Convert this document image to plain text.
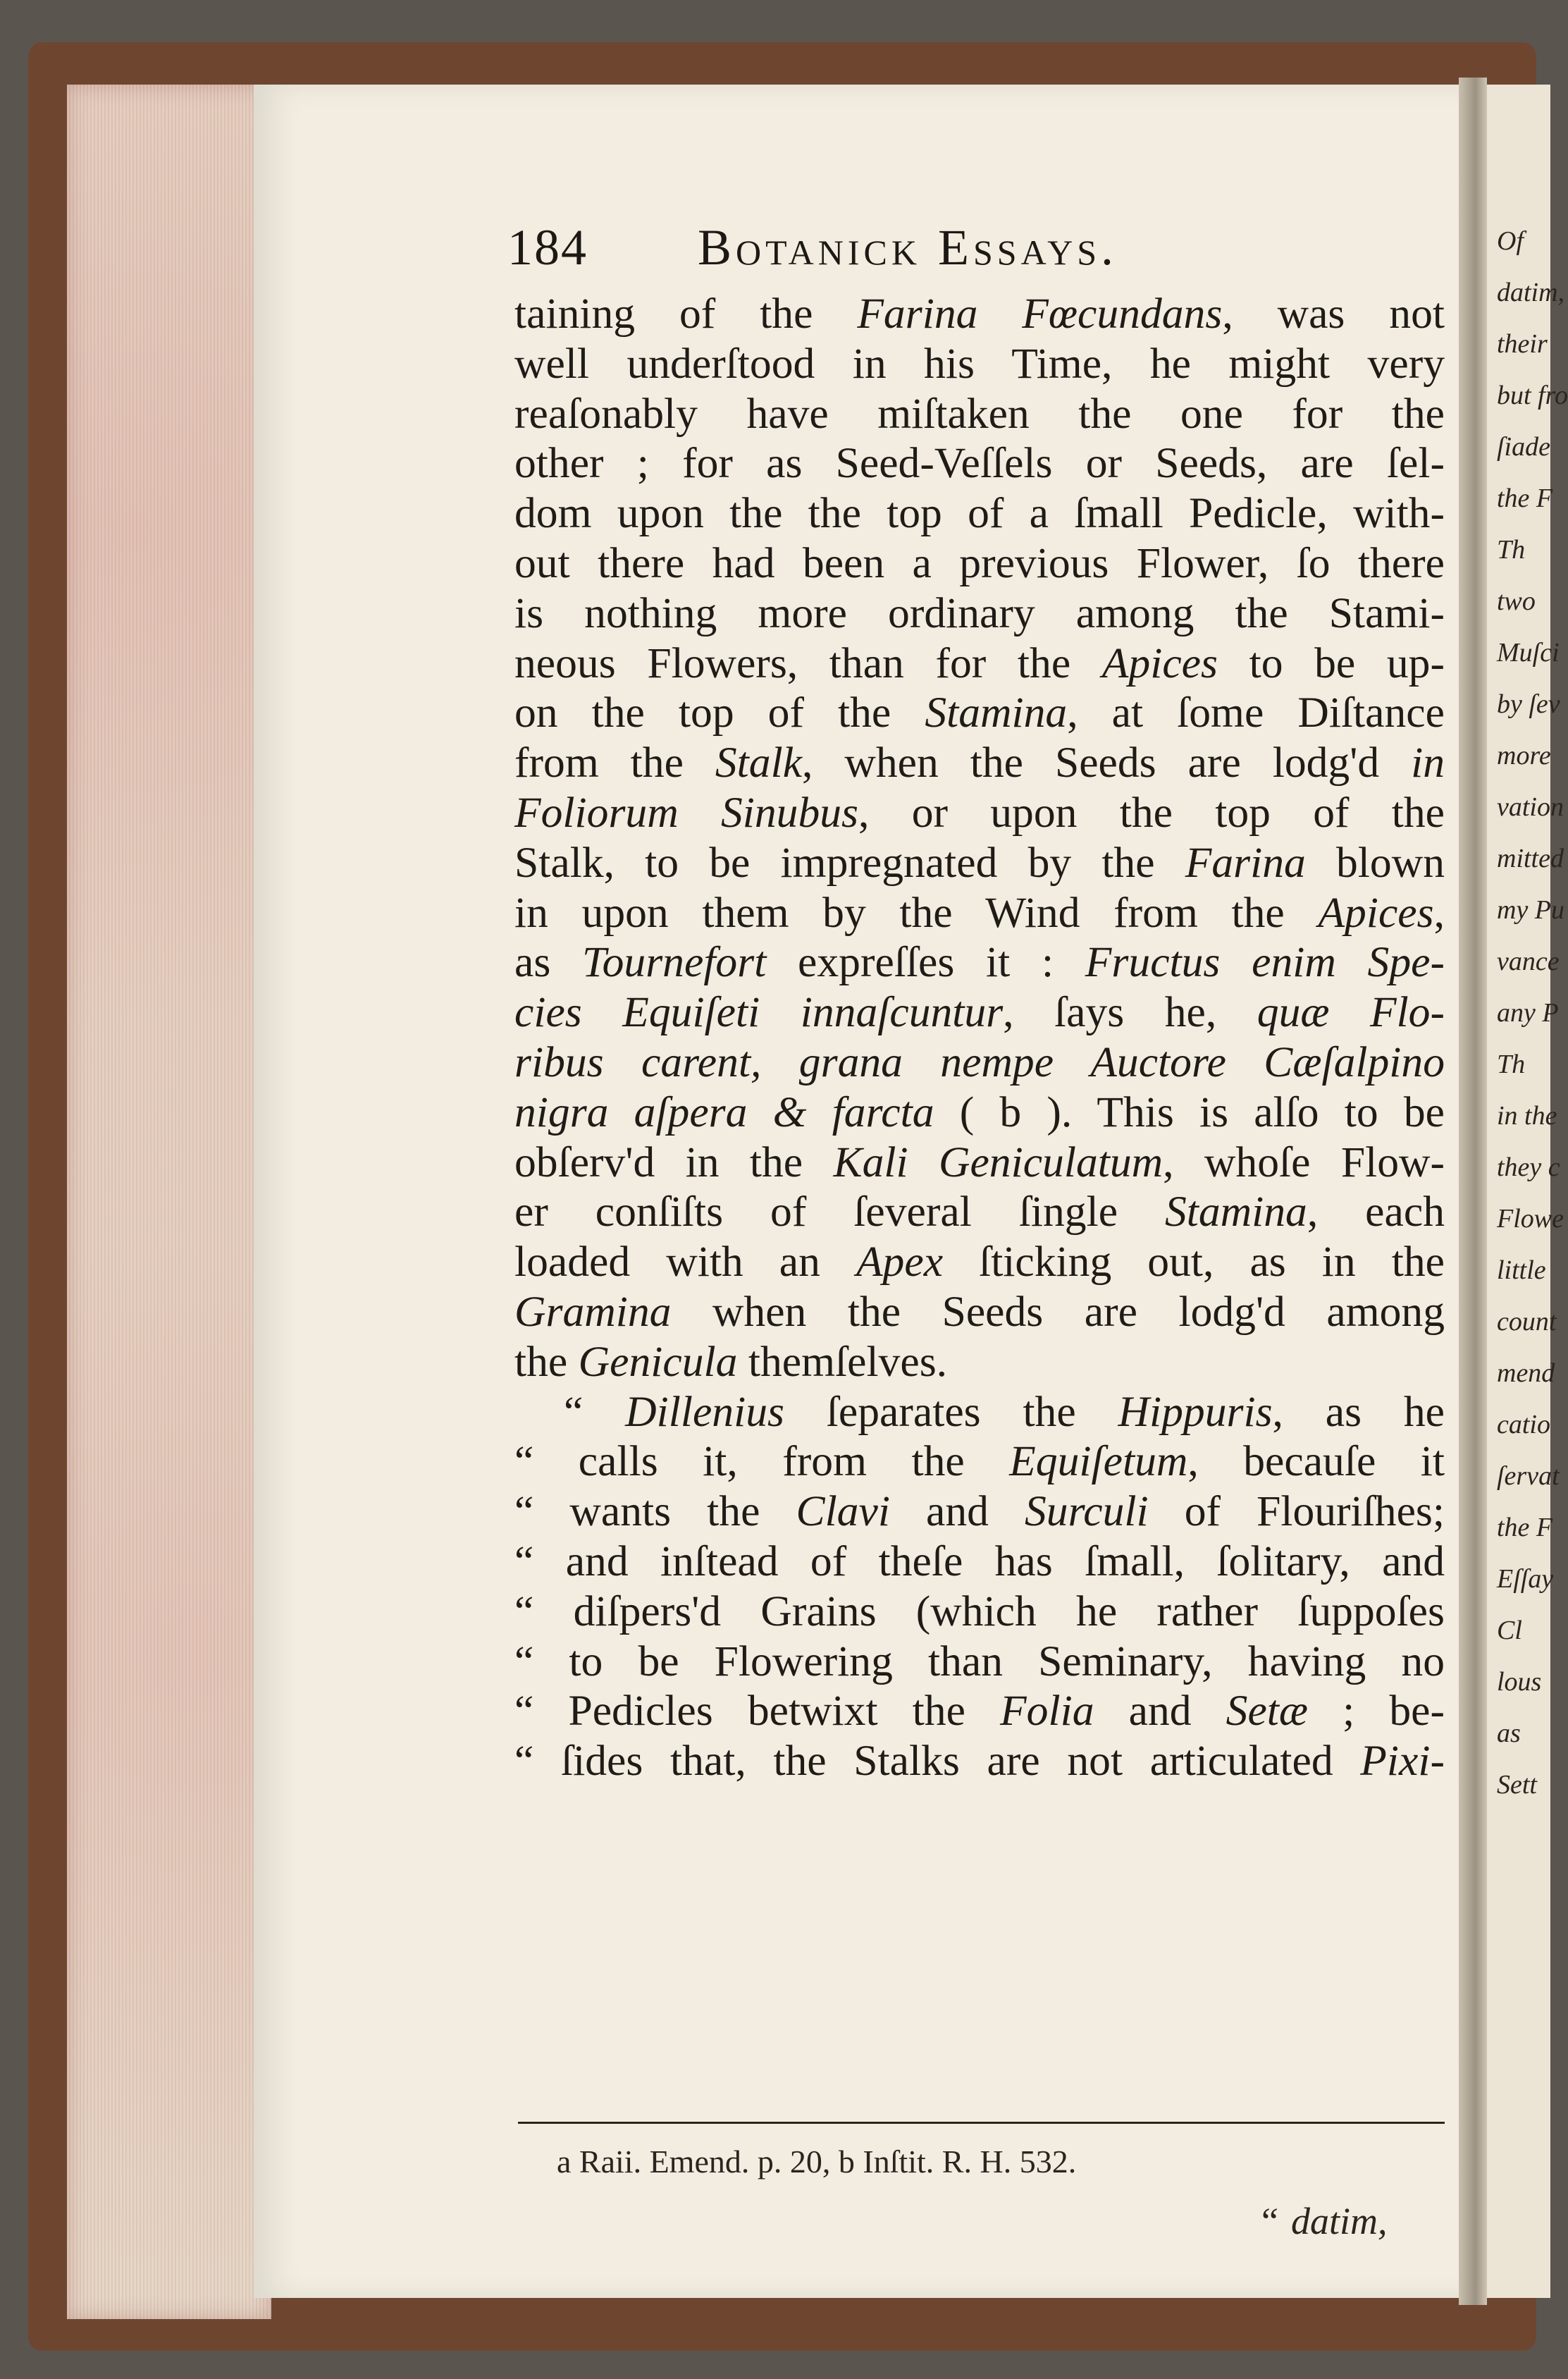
Of
datim,
their
but fro
ſiade
the F
Th
two
Muſci
by ſev
more
vation
mitted
my Pu
vance
any P
Th
in the
they c
Flowe
little
count
mend
catio
ſervat
the F
Eſſay
Cl
lous
as
Sett
184 Botanick Essays.
taining of the Farina Fœcundans, was not
well underſtood in his Time, he might very
reaſonably have miſtaken the one for the
other ; for as Seed-Veſſels or Seeds, are ſel-
dom upon the the top of a ſmall Pedicle, with-
out there had been a previous Flower, ſo there
is nothing more ordinary among the Stami-
neous Flowers, than for the Apices to be up-
on the top of the Stamina, at ſome Diſtance
from the Stalk, when the Seeds are lodg'd in
Foliorum Sinubus, or upon the top of the
Stalk, to be impregnated by the Farina blown
in upon them by the Wind from the Apices,
as Tournefort expreſſes it : Fructus enim Spe-
cies Equiſeti innaſcuntur, ſays he, quæ Flo-
ribus carent, grana nempe Auctore Cæſalpino
nigra aſpera & farcta ( b ). This is alſo to be
obſerv'd in the Kali Geniculatum, whoſe Flow-
er conſiſts of ſeveral ſingle Stamina, each
loaded with an Apex ſticking out, as in the
Gramina when the Seeds are lodg'd among
the Genicula themſelves.
“ Dillenius ſeparates the Hippuris, as he
“ calls it, from the Equiſetum, becauſe it
“ wants the Clavi and Surculi of Flouriſhes;
“ and inſtead of theſe has ſmall, ſolitary, and
“ diſpers'd Grains (which he rather ſuppoſes
“ to be Flowering than Seminary, having no
“ Pedicles betwixt the Folia and Setæ ; be-
“ ſides that, the Stalks are not articulated Pixi-
a Raii. Emend. p. 20, b Inſtit. R. H. 532.
“ datim,
